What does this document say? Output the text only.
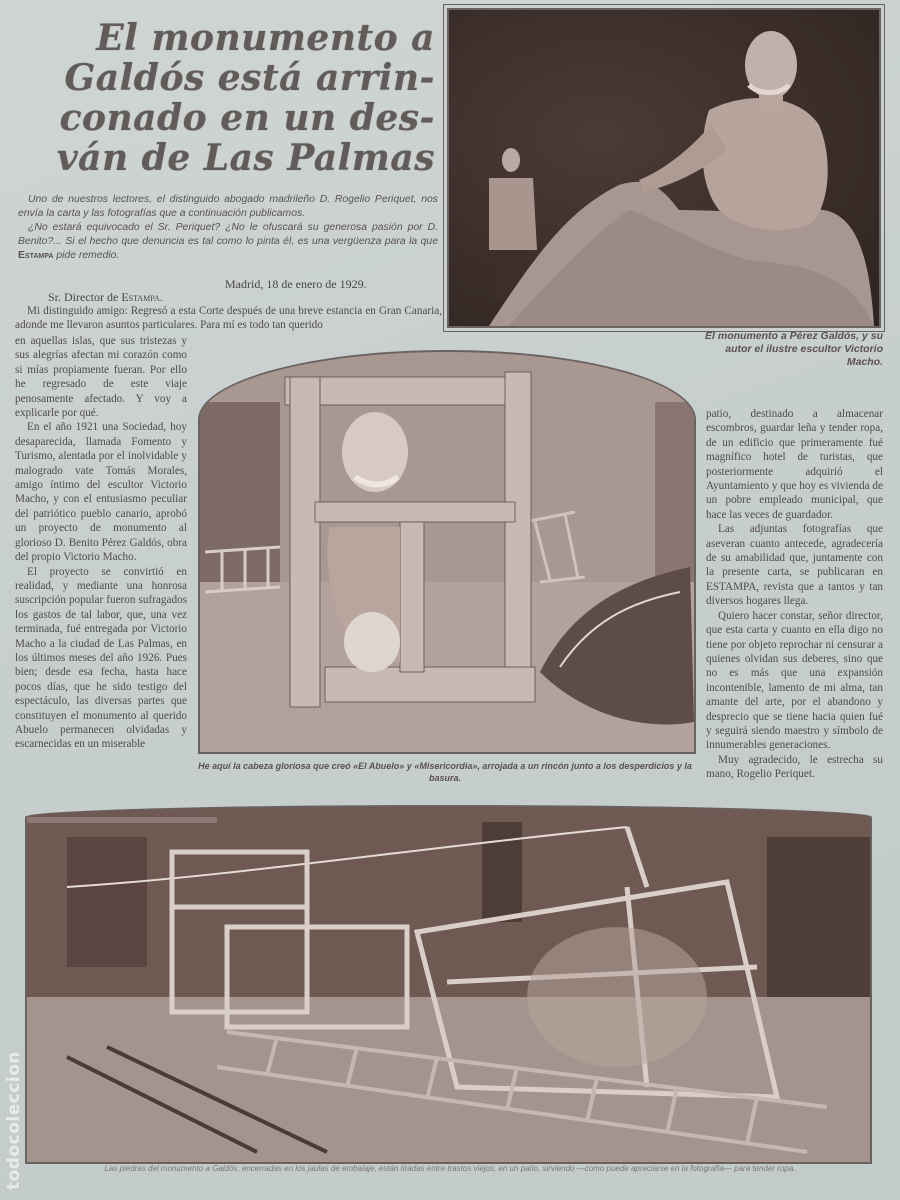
El monumento a
Galdós está arrin-
conado en un des-
ván de Las Palmas

Uno de nuestros lectores, el distinguido abogado madrileño D. Rogelio Periquet, nos envía la carta y las fotografías que a continuación publicamos.

¿No estará equivocado el Sr. Periquet? ¿No le ofuscará su generosa pasión por D. Benito?... Si el hecho que denuncia es tal como lo pinta él, es una vergüenza para la que Estampa pide remedio.

Madrid, 18 de enero de 1929.
Sr. Director de Estampa.

Mi distinguido amigo: Regresó a esta Corte después de una breve estancia en Gran Canaria, adonde me llevaron asuntos particulares. Para mí es todo tan querido

en aquellas islas, que sus tristezas y sus alegrías afectan mi corazón como si mías propiamente fueran. Por ello he regresado de este viaje penosamente afectado. Y voy a explicarle por qué.

En el año 1921 una Sociedad, hoy desaparecida, llamada Fomento y Turismo, alentada por el inolvidable y malogrado vate Tomás Morales, amigo íntimo del escultor Victorio Macho, y con el entusiasmo peculiar del patriótico pueblo canario, aprobó un proyecto de monumento al glorioso D. Benito Pérez Galdós, obra del propio Victorio Macho.

El proyecto se convirtió en realidad, y mediante una honrosa suscripción popular fueron sufragados los gastos de tal labor, que, una vez terminada, fué entregada por Victorio Macho a la ciudad de Las Palmas, en los últimos meses del año 1926. Pues bien; desde esa fecha, hasta hace pocos días, que he sido testigo del espectáculo, las diversas partes que constituyen el monumento al querido Abuelo permanecen olvidadas y escarnecidas en un miserable

patio, destinado a almacenar escombros, guardar leña y tender ropa, de un edificio que primeramente fué magnífico hotel de turistas, que posteriormente adquirió el Ayuntamiento y que hoy es vivienda de un pobre empleado municipal, que hace las veces de guardador.

Las adjuntas fotografías que aseveran cuanto antecede, agradecería de su amabilidad que, juntamente con la presente carta, se publicaran en ESTAMPA, revista que a tantos y tan diversos hogares llega.

Quiero hacer constar, señor director, que esta carta y cuanto en ella digo no tiene por objeto reprochar ni censurar a quienes olvidan sus deberes, sino que no es más que una expansión incontenible, lamento de mi alma, tan amante del arte, por el abandono y desprecio que se tiene hacia quien fué y seguirá siendo maestro y símbolo de innumerables generaciones.

Muy agradecido, le estrecha su mano, Rogelio Periquet.

El monumento a Pérez Galdós, y su autor el ilustre escultor Victorio Macho.
He aquí la cabeza gloriosa que creó «El Abuelo» y «Misericordia», arrojada a un rincón junto a los desperdicios y la basura.
Las piedras del monumento a Galdós, encerradas en los jaulas de embalaje, están tiradas entre trastos viejos, en un patio, sirviendo —como puede apreciarse en la fotografía— para tender ropa.
todocoleccion
